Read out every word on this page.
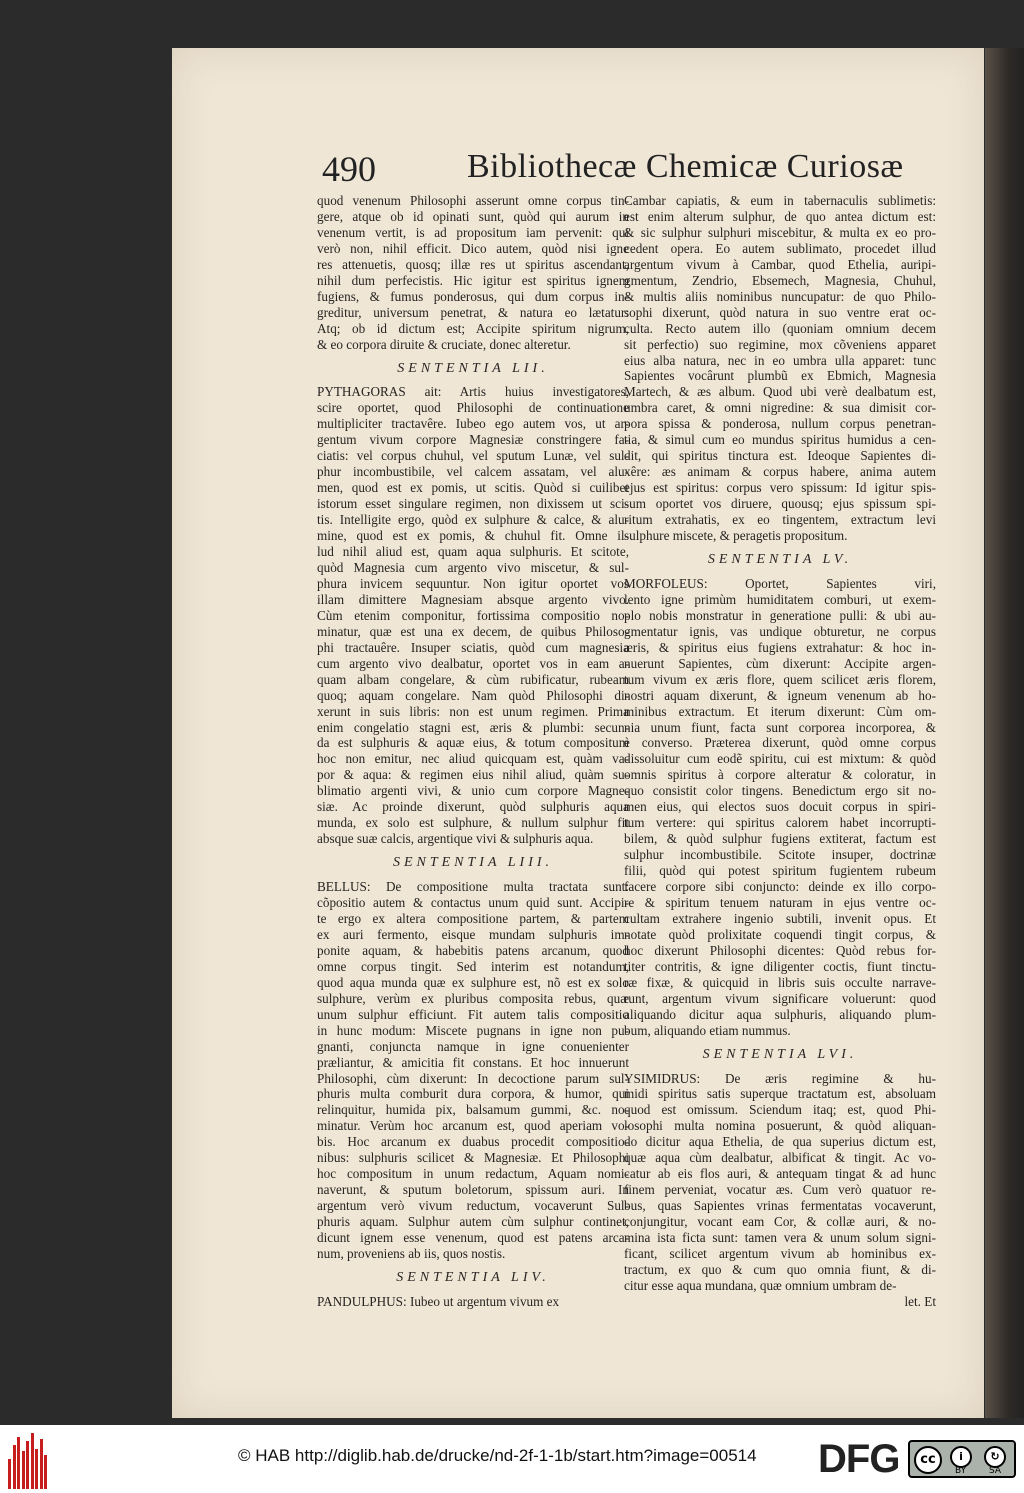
490	Bibliothecæ Chemicæ Curiosæ
quod venenum Philosophi asserunt omne corpus tin-
gere, atque ob id opinati sunt, quòd qui aurum in
venenum vertit, is ad propositum iam pervenit: qui
verò non, nihil efficit. Dico autem, quòd nisi igne
res attenuetis, quosq; illæ res ut spiritus ascendant,
nihil dum perfecistis. Hic igitur est spiritus ignem
fugiens, & fumus ponderosus, qui dum corpus in-
greditur, universum penetrat, & natura eo lætatur:
Atq; ob id dictum est; Accipite spiritum nigrum,
& eo corpora diruite & cruciate, donec alteretur.
SENTENTIA LII.
PYTHAGORAS ait: Artis huius investigatores,
scire oportet, quod Philosophi de continuatione
multipliciter tractavêre. Iubeo ego autem vos, ut ar-
gentum vivum corpore Magnesiæ constringere fa-
ciatis: vel corpus chuhul, vel sputum Lunæ, vel sul-
phur incombustibile, vel calcem assatam, vel alu-
men, quod est ex pomis, ut scitis. Quòd si cuilibet
istorum esset singulare regimen, non dixissem ut sci-
tis. Intelligite ergo, quòd ex sulphure & calce, & alu-
mine, quod est ex pomis, & chuhul fit. Omne il-
lud nihil aliud est, quam aqua sulphuris. Et scitote,
quòd Magnesia cum argento vivo miscetur, & sul-
phura invicem sequuntur. Non igitur oportet vos
illam dimittere Magnesiam absque argento vivo.
Cùm etenim componitur, fortissima compositio no-
minatur, quæ est una ex decem, de quibus Philoso-
phi tractauêre. Insuper sciatis, quòd cum magnesia
cum argento vivo dealbatur, oportet vos in eam a-
quam albam congelare, & cùm rubificatur, rubeam
quoq; aquam congelare. Nam quòd Philosophi di-
xerunt in suis libris: non est unum regimen. Prima
enim congelatio stagni est, æris & plumbi: secun-
da est sulphuris & aquæ eius, & totum compositum
hoc non emitur, nec aliud quicquam est, quàm va-
por & aqua: & regimen eius nihil aliud, quàm su-
blimatio argenti vivi, & unio cum corpore Magne-
siæ. Ac proinde dixerunt, quòd sulphuris aqua
munda, ex solo est sulphure, & nullum sulphur fit
absque suæ calcis, argentique vivi & sulphuris aqua.
SENTENTIA LIII.
BELLUS: De compositione multa tractata sunt:
cõpositio autem & contactus unum quid sunt. Accipi-
te ergo ex altera compositione partem, & partem
ex auri fermento, eisque mundam sulphuris im-
ponite aquam, & habebitis patens arcanum, quod
omne corpus tingit. Sed interim est notandum,
quod aqua munda quæ ex sulphure est, nõ est ex solo
sulphure, verùm ex pluribus composita rebus, quæ
unum sulphur efficiunt. Fit autem talis compositio
in hunc modum: Miscete pugnans in igne non pu-
gnanti, conjuncta namque in igne conuenienter
præliantur, & amicitia fit constans. Et hoc innuerunt
Philosophi, cùm dixerunt: In decoctione parum sul-
phuris multa comburit dura corpora, & humor, qui
relinquitur, humida pix, balsamum gummi, &c. no-
minatur. Verùm hoc arcanum est, quod aperiam vo-
bis. Hoc arcanum ex duabus procedit compositio-
nibus: sulphuris scilicet & Magnesiæ. Et Philosophi
hoc compositum in unum redactum, Aquam nomi-
naverunt, & sputum boletorum, spissum auri. In
argentum verò vivum reductum, vocaverunt Sul-
phuris aquam. Sulphur autem cùm sulphur continet,
dicunt ignem esse venenum, quod est patens arca-
num, proveniens ab iis, quos nostis.
SENTENTIA LIV.
PANDULPHUS: Iubeo ut argentum vivum ex
Cambar capiatis, & eum in tabernaculis sublimetis:
est enim alterum sulphur, de quo antea dictum est:
& sic sulphur sulphuri miscebitur, & multa ex eo pro-
cedent opera. Eo autem sublimato, procedet illud
argentum vivum à Cambar, quod Ethelia, auripi-
gmentum, Zendrio, Ebsemech, Magnesia, Chuhul,
& multis aliis nominibus nuncupatur: de quo Philo-
sophi dixerunt, quòd natura in suo ventre erat oc-
culta. Recto autem illo (quoniam omnium decem
sit perfectio) suo regimine, mox cõveniens apparet
eius alba natura, nec in eo umbra ulla apparet: tunc
Sapientes vocârunt plumbũ ex Ebmich, Magnesia
Martech, & æs album. Quod ubi verè dealbatum est,
umbra caret, & omni nigredine: & sua dimisit cor-
pora spissa & ponderosa, nullum corpus penetran-
tia, & simul cum eo mundus spiritus humidus a cen-
dit, qui spiritus tinctura est. Ideoque Sapientes di-
xêre: æs animam & corpus habere, anima autem
ejus est spiritus: corpus vero spissum: Id igitur spis-
sum oportet vos diruere, quousq; ejus spissum spi-
ritum extrahatis, ex eo tingentem, extractum levi
sulphure miscete, & peragetis propositum.
SENTENTIA LV.
MORFOLEUS: Oportet, Sapientes viri,
lento igne primùm humiditatem comburi, ut exem-
plo nobis monstratur in generatione pulli: & ubi au-
gmentatur ignis, vas undique obturetur, ne corpus
æris, & spiritus eius fugiens extrahatur: & hoc in-
nuerunt Sapientes, cùm dixerunt: Accipite argen-
tum vivum ex æris flore, quem scilicet æris florem,
nostri aquam dixerunt, & igneum venenum ab ho-
minibus extractum. Et iterum dixerunt: Cùm om-
nia unum fiunt, facta sunt corporea incorporea, &
è converso. Præterea dixerunt, quòd omne corpus
dissoluitur cum eodẽ spiritu, cui est mixtum: & quòd
omnis spiritus à corpore alteratur & coloratur, in
quo consistit color tingens. Benedictum ergo sit no-
men eius, qui electos suos docuit corpus in spiri-
tum vertere: qui spiritus calorem habet incorrupti-
bilem, & quòd sulphur fugiens extiterat, factum est
sulphur incombustibile. Scitote insuper, doctrinæ
filii, quòd qui potest spiritum fugientem rubeum
facere corpore sibi conjuncto: deinde ex illo corpo-
re & spiritum tenuem naturam in ejus ventre oc-
cultam extrahere ingenio subtili, invenit opus. Et
notate quòd prolixitate coquendi tingit corpus, &
hoc dixerunt Philosophi dicentes: Quòd rebus for-
titer contritis, & igne diligenter coctis, fiunt tinctu-
ræ fixæ, & quicquid in libris suis occulte narrave-
runt, argentum vivum significare voluerunt: quod
aliquando dicitur aqua sulphuris, aliquando plum-
bum, aliquando etiam nummus.
SENTENTIA LVI.
YSIMIDRUS: De æris regimine & hu-
midi spiritus satis superque tractatum est, absoluam
quod est omissum. Sciendum itaq; est, quod Phi-
losophi multa nomina posuerunt, & quòd aliquan-
do dicitur aqua Ethelia, de qua superius dictum est,
quæ aqua cùm dealbatur, albificat & tingit. Ac vo-
catur ab eis flos auri, & antequam tingat & ad hunc
finem perveniat, vocatur æs. Cum verò quatuor re-
bus, quas Sapientes vrinas fermentatas vocaverunt,
conjungitur, vocant eam Cor, & collæ auri, & no-
mina ista ficta sunt: tamen vera & unum solum signi-
ficant, scilicet argentum vivum ab hominibus ex-
tractum, ex quo & cum quo omnia fiunt, & di-
citur esse aqua mundana, quæ omnium umbram de-
let. Et
© HAB http://diglib.hab.de/drucke/nd-2f-1-1b/start.htm?image=00514 DFG	cc	i	↻
BY	SA
